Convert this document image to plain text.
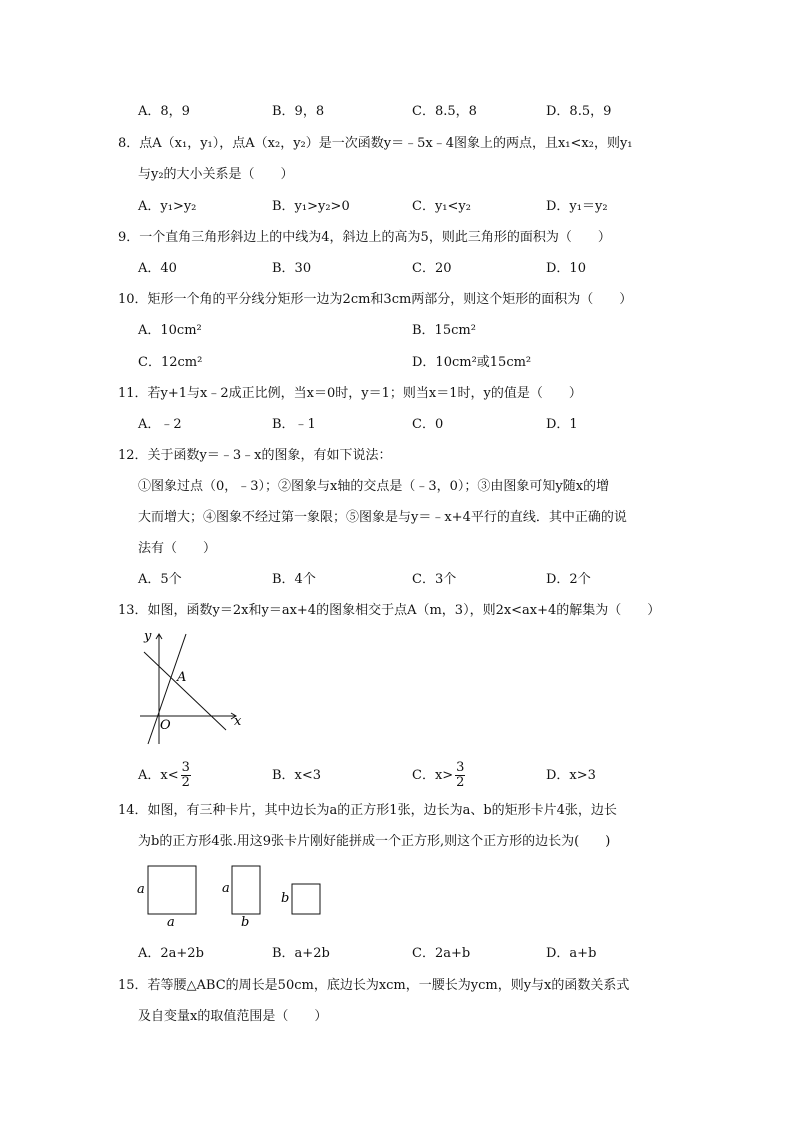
A．8，9	B．9，8	C．8.5，8	D．8.5，9
8．点A（x₁，y₁），点A（x₂，y₂）是一次函数y＝﹣5x﹣4图象上的两点，且x₁<x₂，则y₁
与y₂的大小关系是（　　）
A．y₁>y₂	B．y₁>y₂>0	C．y₁<y₂	D．y₁＝y₂
9．一个直角三角形斜边上的中线为4，斜边上的高为5，则此三角形的面积为（　　）
A．40	B．30	C．20	D．10
10．矩形一个角的平分线分矩形一边为2cm和3cm两部分，则这个矩形的面积为（　　）
A．10cm²	B．15cm²
C．12cm²	D．10cm²或15cm²
11．若y+1与x﹣2成正比例，当x＝0时，y＝1；则当x＝1时，y的值是（　　）
A．﹣2	B．﹣1	C．0	D．1
12．关于函数y＝﹣3﹣x的图象，有如下说法：
①图象过点（0，﹣3）；②图象与x轴的交点是（﹣3，0）；③由图象可知y随x的增
大而增大；④图象不经过第一象限；⑤图象是与y＝﹣x+4平行的直线．其中正确的说
法有（　　）
A．5个	B．4个	C．3个	D．2个
13．如图，函数y＝2x和y＝ax+4的图象相交于点A（m，3），则2x<ax+4的解集为（　　）
y
x
O
A
A．$x< \frac{3}{2}$	B．x<3	C．$x> \frac{3}{2}$	D．x>3
14．如图，有三种卡片，其中边长为a的正方形1张，边长为a、b的矩形卡片4张，边长
为b的正方形4张.用这9张卡片刚好能拼成一个正方形,则这个正方形的边长为(　　)
a
a
a
b
b
A．2a+2b	B．a+2b	C．2a+b	D．a+b
15．若等腰△ABC的周长是50cm，底边长为xcm，一腰长为ycm，则y与x的函数关系式
及自变量x的取值范围是（　　）
